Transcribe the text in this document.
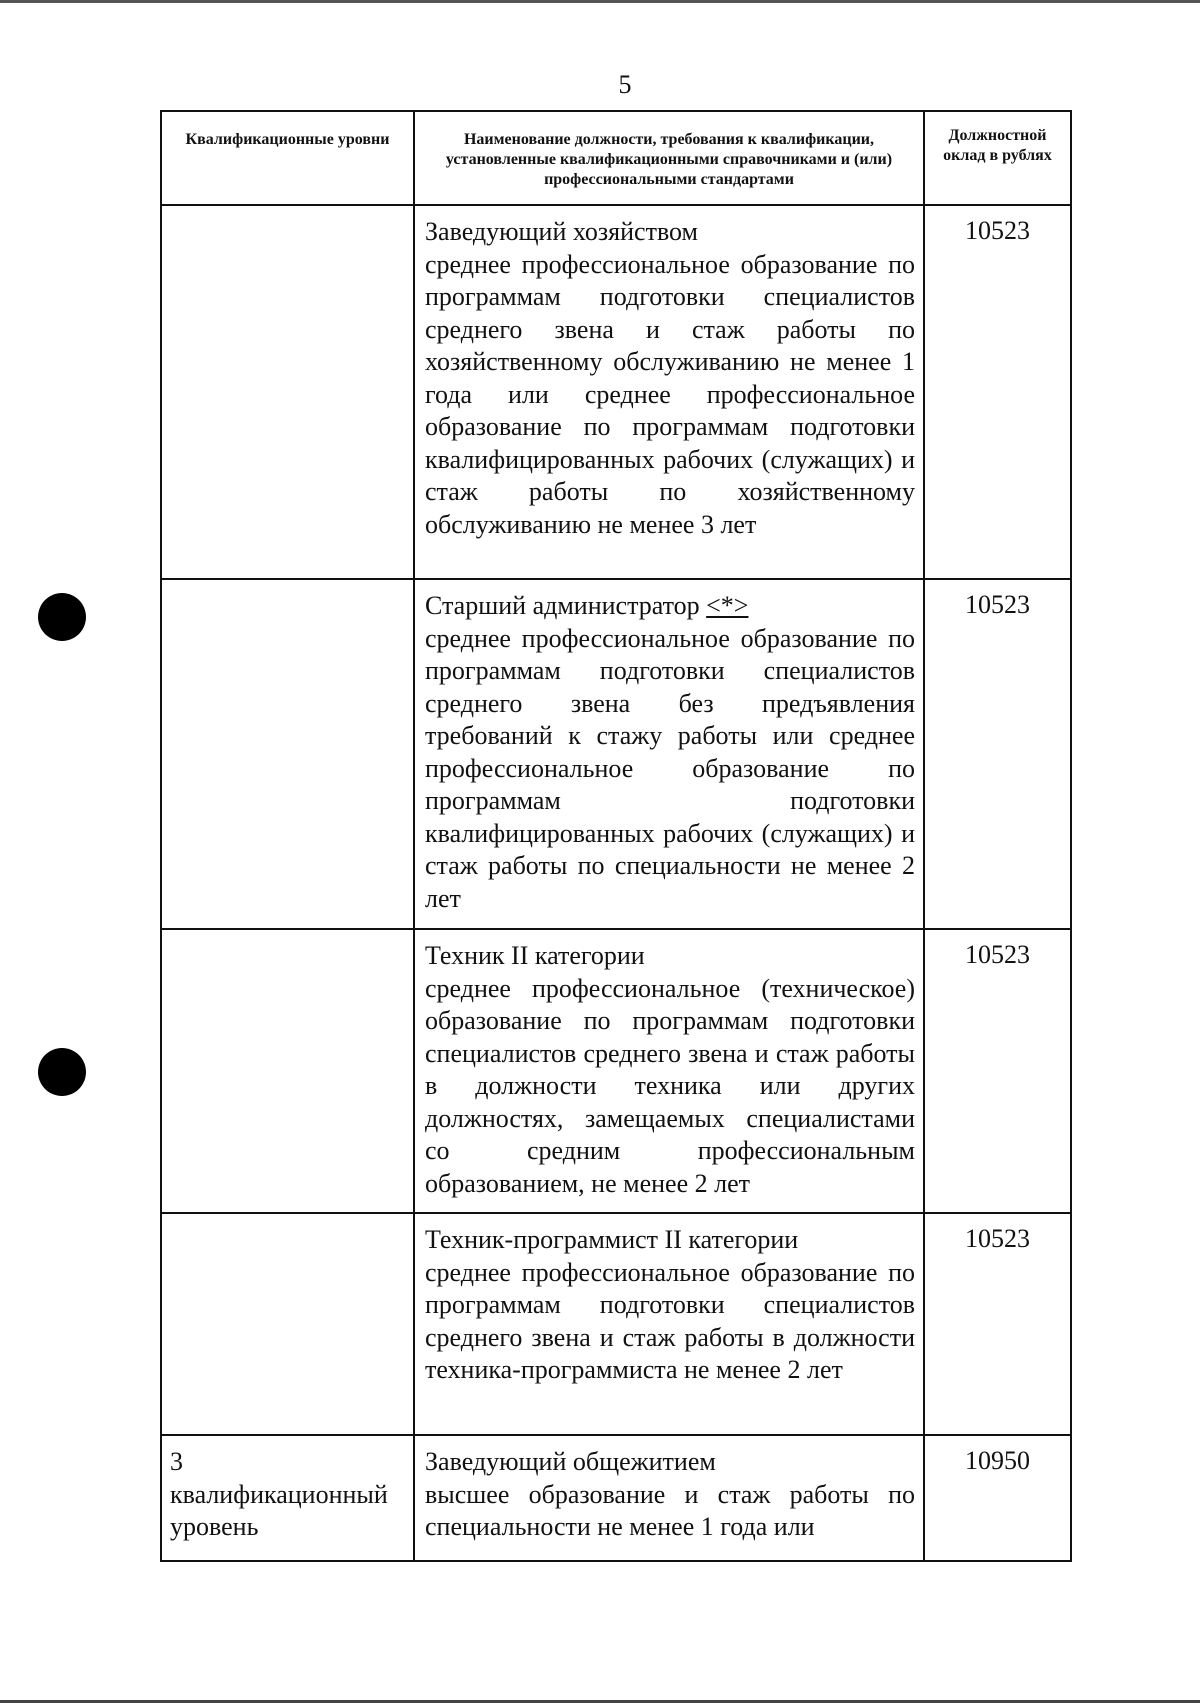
5
Квалификационные уровни	Наименование должности, требования к квалификации, установленные квалификационными справочниками и (или) профессиональными стандартами	Должностной оклад в рублях

	Заведующий хозяйством
среднее профессиональное образование по программам подготовки специалистов среднего звена и стаж работы по хозяйственному обслуживанию не менее 1 года или среднее профессиональное образование по программам подготовки квалифицированных рабочих (служащих) и стаж работы по хозяйственному обслуживанию не менее 3 лет	10523

	Старший администратор <*>
среднее профессиональное образование по программам подготовки специалистов среднего звена без предъявления требований к стажу работы или среднее профессиональное образование по программам подготовки квалифицированных рабочих (служащих) и стаж работы по специальности не менее 2 лет	10523

	Техник II категории
среднее профессиональное (техническое) образование по программам подготовки специалистов среднего звена и стаж работы в должности техника или других должностях, замещаемых специалистами со средним профессиональным образованием, не менее 2 лет	10523

	Техник-программист II категории
среднее профессиональное образование по программам подготовки специалистов среднего звена и стаж работы в должности техника-программиста не менее 2 лет	10523
3 квалификационный уровень	Заведующий общежитием
высшее образование и стаж работы по специальности не менее 1 года или	10950
